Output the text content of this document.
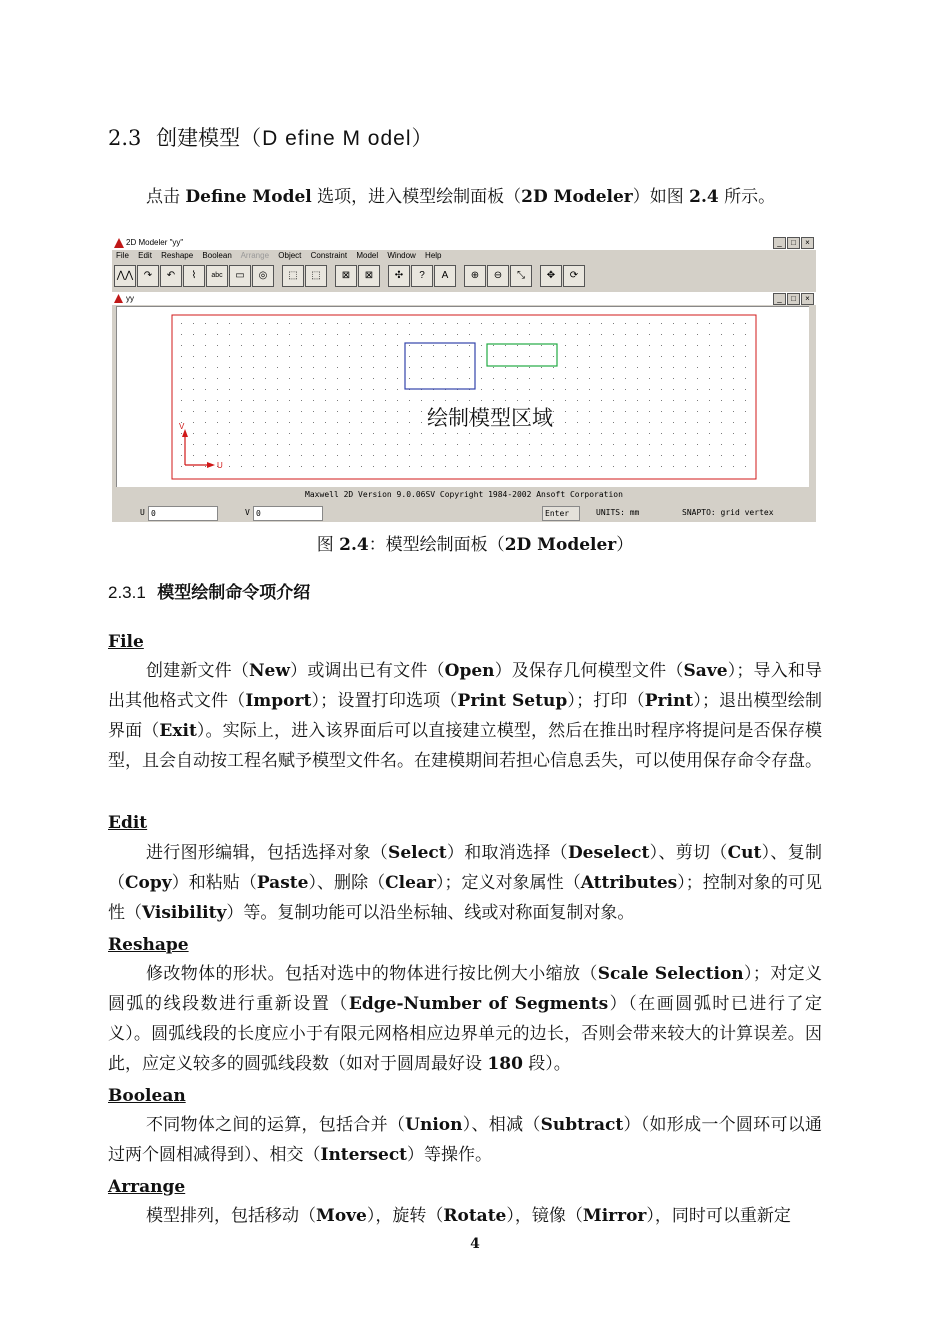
2.3 创建模型（D efine M odel）
点击 Define Model 选项，进入模型绘制面板（2D Modeler）如图 2.4 所示。
2D Modeler "yy"	_ □ ×
File Edit Reshape Boolean Arrange Object Constraint Model Window Help
⋀⋀	↷	↶	⌇	abc	▭	◎	⬚	⬚	⊠	⊠	✣	?	A	⊕	⊖	⤡	✥	⟳
yy	_ □ ×
绘制模型区域
U
V
Maxwell 2D Version 9.0.06SV Copyright 1984-2002 Ansoft Corporation
U 0	V 0	Enter	UNITS: mm	SNAPTO: grid vertex
图 2.4：模型绘制面板（2D Modeler）
2.3.1 模型绘制命令项介绍
File

创建新文件（New）或调出已有文件（Open）及保存几何模型文件（Save）；导入和导出其他格式文件（Import）；设置打印选项（Print Setup）；打印（Print）；退出模型绘制界面（Exit）。实际上，进入该界面后可以直接建立模型，然后在推出时程序将提问是否保存模型，且会自动按工程名赋予模型文件名。在建模期间若担心信息丢失，可以使用保存命令存盘。

Edit

进行图形编辑，包括选择对象（Select）和取消选择（Deselect）、剪切（Cut）、复制（Copy）和粘贴（Paste）、删除（Clear）；定义对象属性（Attributes）；控制对象的可见性（Visibility）等。复制功能可以沿坐标轴、线或对称面复制对象。

Reshape

修改物体的形状。包括对选中的物体进行按比例大小缩放（Scale Selection）；对定义圆弧的线段数进行重新设置（Edge-Number of Segments）（在画圆弧时已进行了定义）。圆弧线段的长度应小于有限元网格相应边界单元的边长，否则会带来较大的计算误差。因此，应定义较多的圆弧线段数（如对于圆周最好设 180 段）。

Boolean

不同物体之间的运算，包括合并（Union）、相减（Subtract）（如形成一个圆环可以通过两个圆相减得到）、相交（Intersect）等操作。

Arrange

模型排列，包括移动（Move），旋转（Rotate），镜像（Mirror），同时可以重新定

4
